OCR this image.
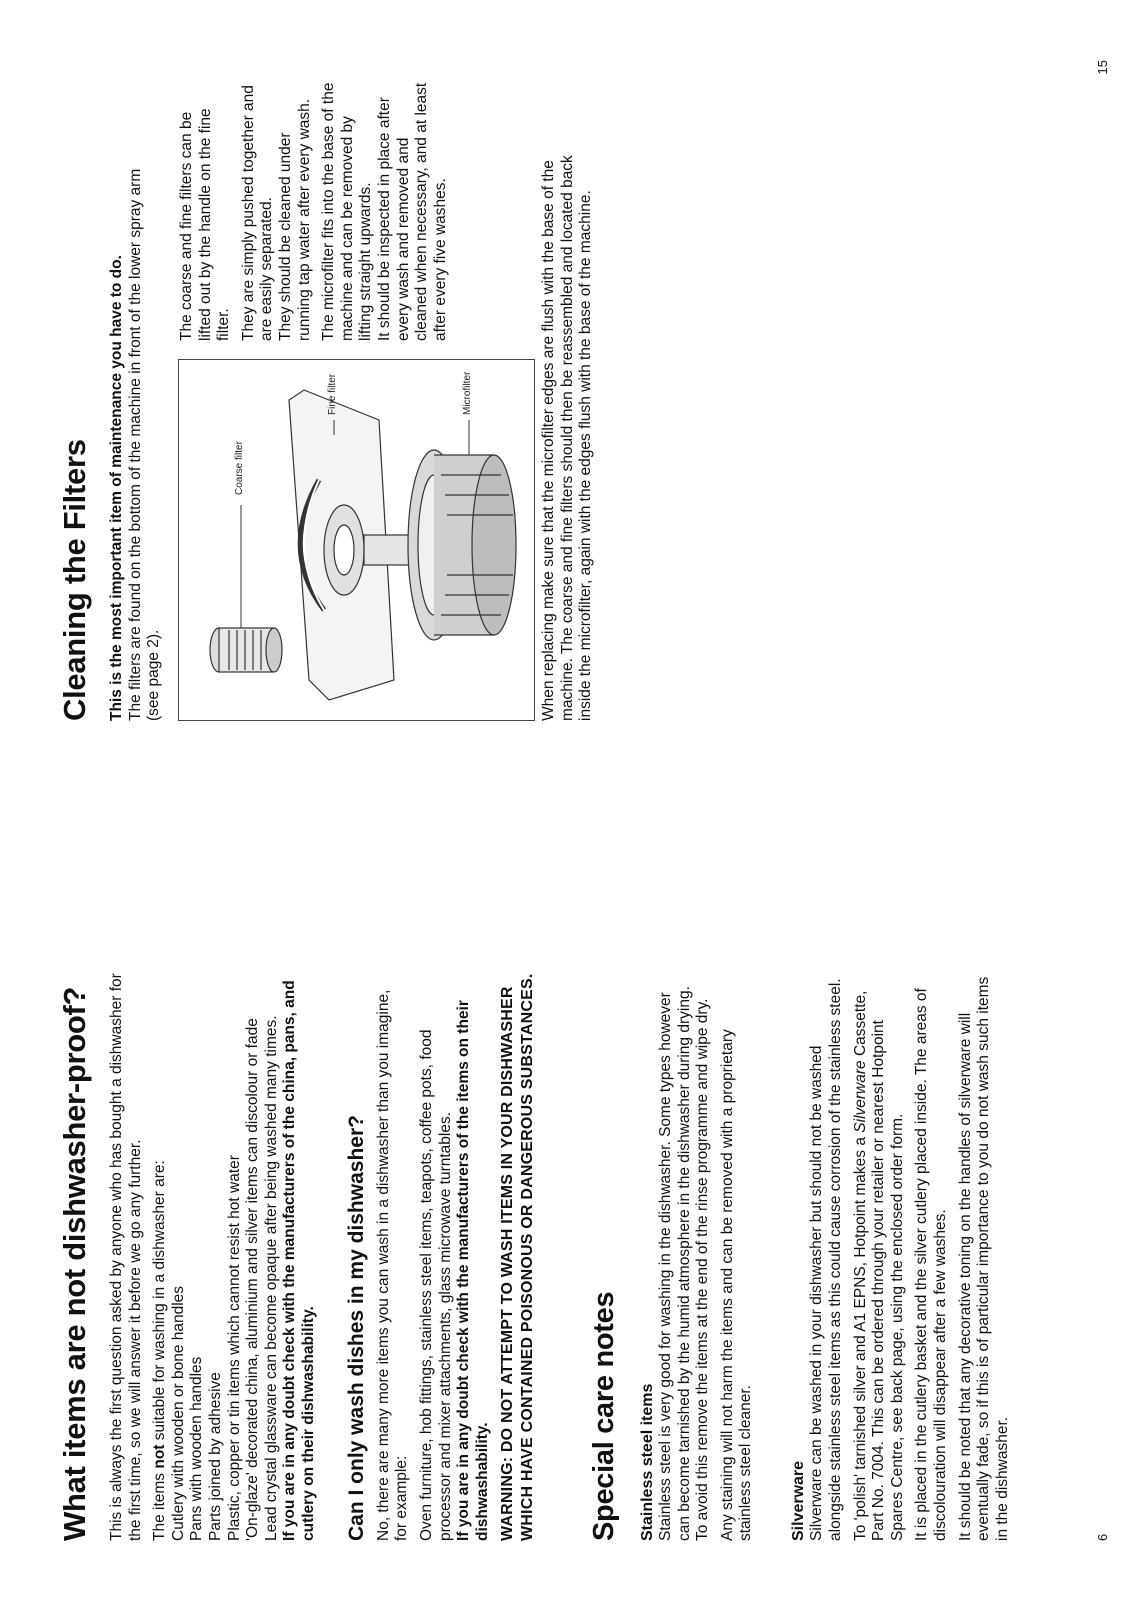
What items are not dishwasher-proof? This is always the first question asked by anyone who has bought a dishwasher for the first time, so we will answer it before we go any further. The items not suitable for washing in a dishwasher are: Cutlery with wooden or bone handles Pans with wooden handles Parts joined by adhesive Plastic, copper or tin items which cannot resist hot water 'On-glaze' decorated china, aluminium and silver items can discolour or fade Lead crystal glassware can become opaque after being washed many times. If you are in any doubt check with the manufacturers of the china, pans, and cutlery on their dishwashability. Can I only wash dishes in my dishwasher? No, there are many more items you can wash in a dishwasher than you imagine, for example: Oven furniture, hob fittings, stainless steel items, teapots, coffee pots, food processor and mixer attachments, glass microwave turntables. If you are in any doubt check with the manufacturers of the items on their dishwashability. WARNING: DO NOT ATTEMPT TO WASH ITEMS IN YOUR DISHWASHER WHICH HAVE CONTAINED POISONOUS OR DANGEROUS SUBSTANCES. Special care notes Stainless steel items Stainless steel is very good for washing in the dishwasher. Some types however can become tarnished by the humid atmosphere in the dishwasher during drying. To avoid this remove the items at the end of the rinse programme and wipe dry. Any staining will not harm the items and can be removed with a proprietary stainless steel cleaner. Silverware Silverware can be washed in your dishwasher but should not be washed alongside stainless steel items as this could cause corrosion of the stainless steel. To 'polish' tarnished silver and A1 EPNS, Hotpoint makes a Silverware Cassette, Part No. 7004. This can be ordered through your retailer or nearest Hotpoint Spares Centre, see back page, using the enclosed order form. It is placed in the cutlery basket and the silver cutlery placed inside. The areas of discolouration will disappear after a few washes. It should be noted that any decorative toning on the handles of silverware will eventually fade, so if this is of particular importance to you do not wash such items in the dishwasher.	6
Cleaning the Filters This is the most important item of maintenance you have to do. The filters are found on the bottom of the machine in front of the lower spray arm (see page 2).
Coarse filter
Fine filter	Microfilter
The coarse and fine filters can be lifted out by the handle on the fine filter. They are simply pushed together and are easily separated. They should be cleaned under running tap water after every wash. The microfilter fits into the base of the machine and can be removed by lifting straight upwards. It should be inspected in place after every wash and removed and cleaned when necessary, and at least after every five washes.	When replacing make sure that the microfilter edges are flush with the base of the machine. The coarse and fine filters should then be reassembled and located back inside the microfilter, again with the edges flush with the base of the machine.
15
